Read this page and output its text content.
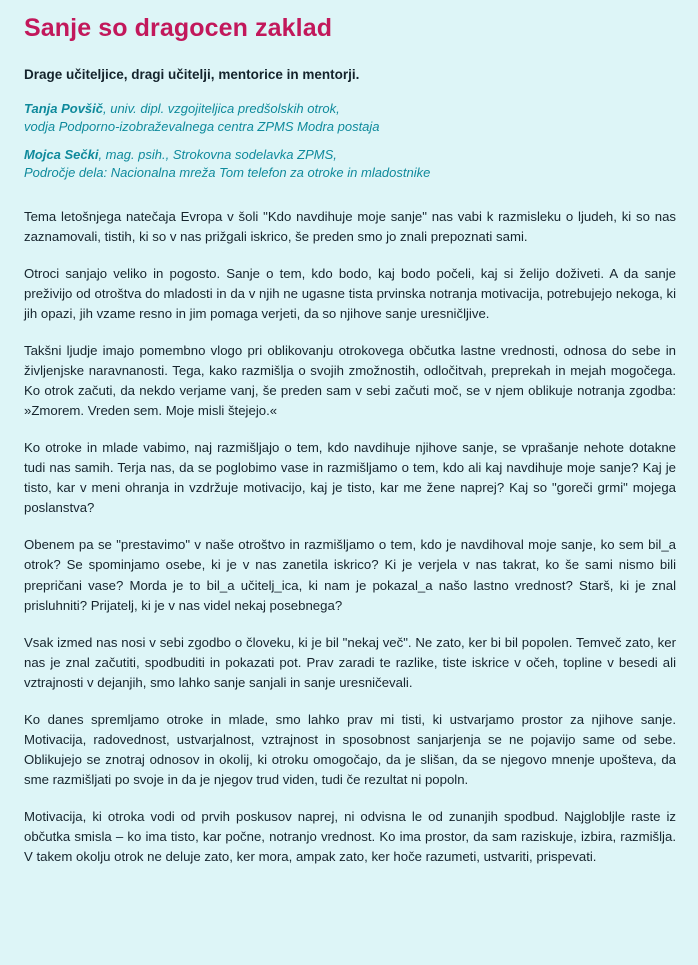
Sanje so dragocen zaklad

Drage učiteljice, dragi učitelji, mentorice in mentorji.

Tanja Povšič, univ. dipl. vzgojiteljica predšolskih otrok,
vodja Podporno-izobraževalnega centra ZPMS Modra postaja
Mojca Sečki, mag. psih., Strokovna sodelavka ZPMS,
Področje dela: Nacionalna mreža Tom telefon za otroke in mladostnike

Tema letošnjega natečaja Evropa v šoli "Kdo navdihuje moje sanje" nas vabi k razmisleku o ljudeh, ki so nas zaznamovali, tistih, ki so v nas prižgali iskrico, še preden smo jo znali prepoznati sami.

Otroci sanjajo veliko in pogosto. Sanje o tem, kdo bodo, kaj bodo počeli, kaj si želijo doživeti. A da sanje preživijo od otroštva do mladosti in da v njih ne ugasne tista prvinska notranja motivacija, potrebujejo nekoga, ki jih opazi, jih vzame resno in jim pomaga verjeti, da so njihove sanje uresničljive.

Takšni ljudje imajo pomembno vlogo pri oblikovanju otrokovega občutka lastne vrednosti, odnosa do sebe in življenjske naravnanosti. Tega, kako razmišlja o svojih zmožnostih, odločitvah, preprekah in mejah mogočega. Ko otrok začuti, da nekdo verjame vanj, še preden sam v sebi začuti moč, se v njem oblikuje notranja zgodba: »Zmorem. Vreden sem. Moje misli štejejo.«

Ko otroke in mlade vabimo, naj razmišljajo o tem, kdo navdihuje njihove sanje, se vprašanje nehote dotakne tudi nas samih. Terja nas, da se poglobimo vase in razmišljamo o tem, kdo ali kaj navdihuje moje sanje? Kaj je tisto, kar v meni ohranja in vzdržuje motivacijo, kaj je tisto, kar me žene naprej? Kaj so "goreči grmi" mojega poslanstva?

Obenem pa se "prestavimo" v naše otroštvo in razmišljamo o tem, kdo je navdihoval moje sanje, ko sem bil_a otrok? Se spominjamo osebe, ki je v nas zanetila iskrico? Ki je verjela v nas takrat, ko še sami nismo bili prepričani vase? Morda je to bil_a učitelj_ica, ki nam je pokazal_a našo lastno vrednost? Starš, ki je znal prisluhniti? Prijatelj, ki je v nas videl nekaj posebnega?

Vsak izmed nas nosi v sebi zgodbo o človeku, ki je bil "nekaj več". Ne zato, ker bi bil popolen. Temveč zato, ker nas je znal začutiti, spodbuditi in pokazati pot. Prav zaradi te razlike, tiste iskrice v očeh, topline v besedi ali vztrajnosti v dejanjih, smo lahko sanje sanjali in sanje uresničevali.

Ko danes spremljamo otroke in mlade, smo lahko prav mi tisti, ki ustvarjamo prostor za njihove sanje. Motivacija, radovednost, ustvarjalnost, vztrajnost in sposobnost sanjarjenja se ne pojavijo same od sebe. Oblikujejo se znotraj odnosov in okolij, ki otroku omogočajo, da je slišan, da se njegovo mnenje upošteva, da sme razmišljati po svoje in da je njegov trud viden, tudi če rezultat ni popoln.

Motivacija, ki otroka vodi od prvih poskusov naprej, ni odvisna le od zunanjih spodbud. Najglobljle raste iz občutka smisla – ko ima tisto, kar počne, notranjo vrednost. Ko ima prostor, da sam raziskuje, izbira, razmišlja. V takem okolju otrok ne deluje zato, ker mora, ampak zato, ker hoče razumeti, ustvariti, prispevati.
